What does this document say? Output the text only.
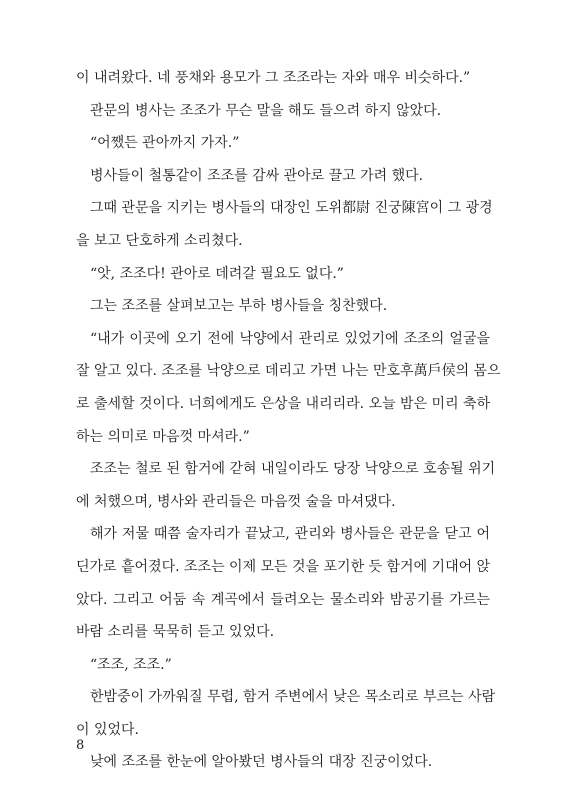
이 내려왔다. 네 풍채와 용모가 그 조조라는 자와 매우 비슷하다.”
관문의 병사는 조조가 무슨 말을 해도 들으려 하지 않았다.
“어쨌든 관아까지 가자.”
병사들이 철통같이 조조를 감싸 관아로 끌고 가려 했다.
그때 관문을 지키는 병사들의 대장인 도위都尉 진궁陳宮이 그 광경
을 보고 단호하게 소리쳤다.
“앗, 조조다! 관아로 데려갈 필요도 없다.”
그는 조조를 살펴보고는 부하 병사들을 칭찬했다.
“내가 이곳에 오기 전에 낙양에서 관리로 있었기에 조조의 얼굴을
잘 알고 있다. 조조를 낙양으로 데리고 가면 나는 만호후萬戶侯의 몸으
로 출세할 것이다. 너희에게도 은상을 내리리라. 오늘 밤은 미리 축하
하는 의미로 마음껏 마셔라.”
조조는 철로 된 함거에 갇혀 내일이라도 당장 낙양으로 호송될 위기
에 처했으며, 병사와 관리들은 마음껏 술을 마셔댔다.
해가 저물 때쯤 술자리가 끝났고, 관리와 병사들은 관문을 닫고 어
딘가로 흩어졌다. 조조는 이제 모든 것을 포기한 듯 함거에 기대어 앉
았다. 그리고 어둠 속 계곡에서 들려오는 물소리와 밤공기를 가르는
바람 소리를 묵묵히 듣고 있었다.
“조조, 조조.”
한밤중이 가까워질 무렵, 함거 주변에서 낮은 목소리로 부르는 사람
이 있었다.
낮에 조조를 한눈에 알아봤던 병사들의 대장 진궁이었다.
8
